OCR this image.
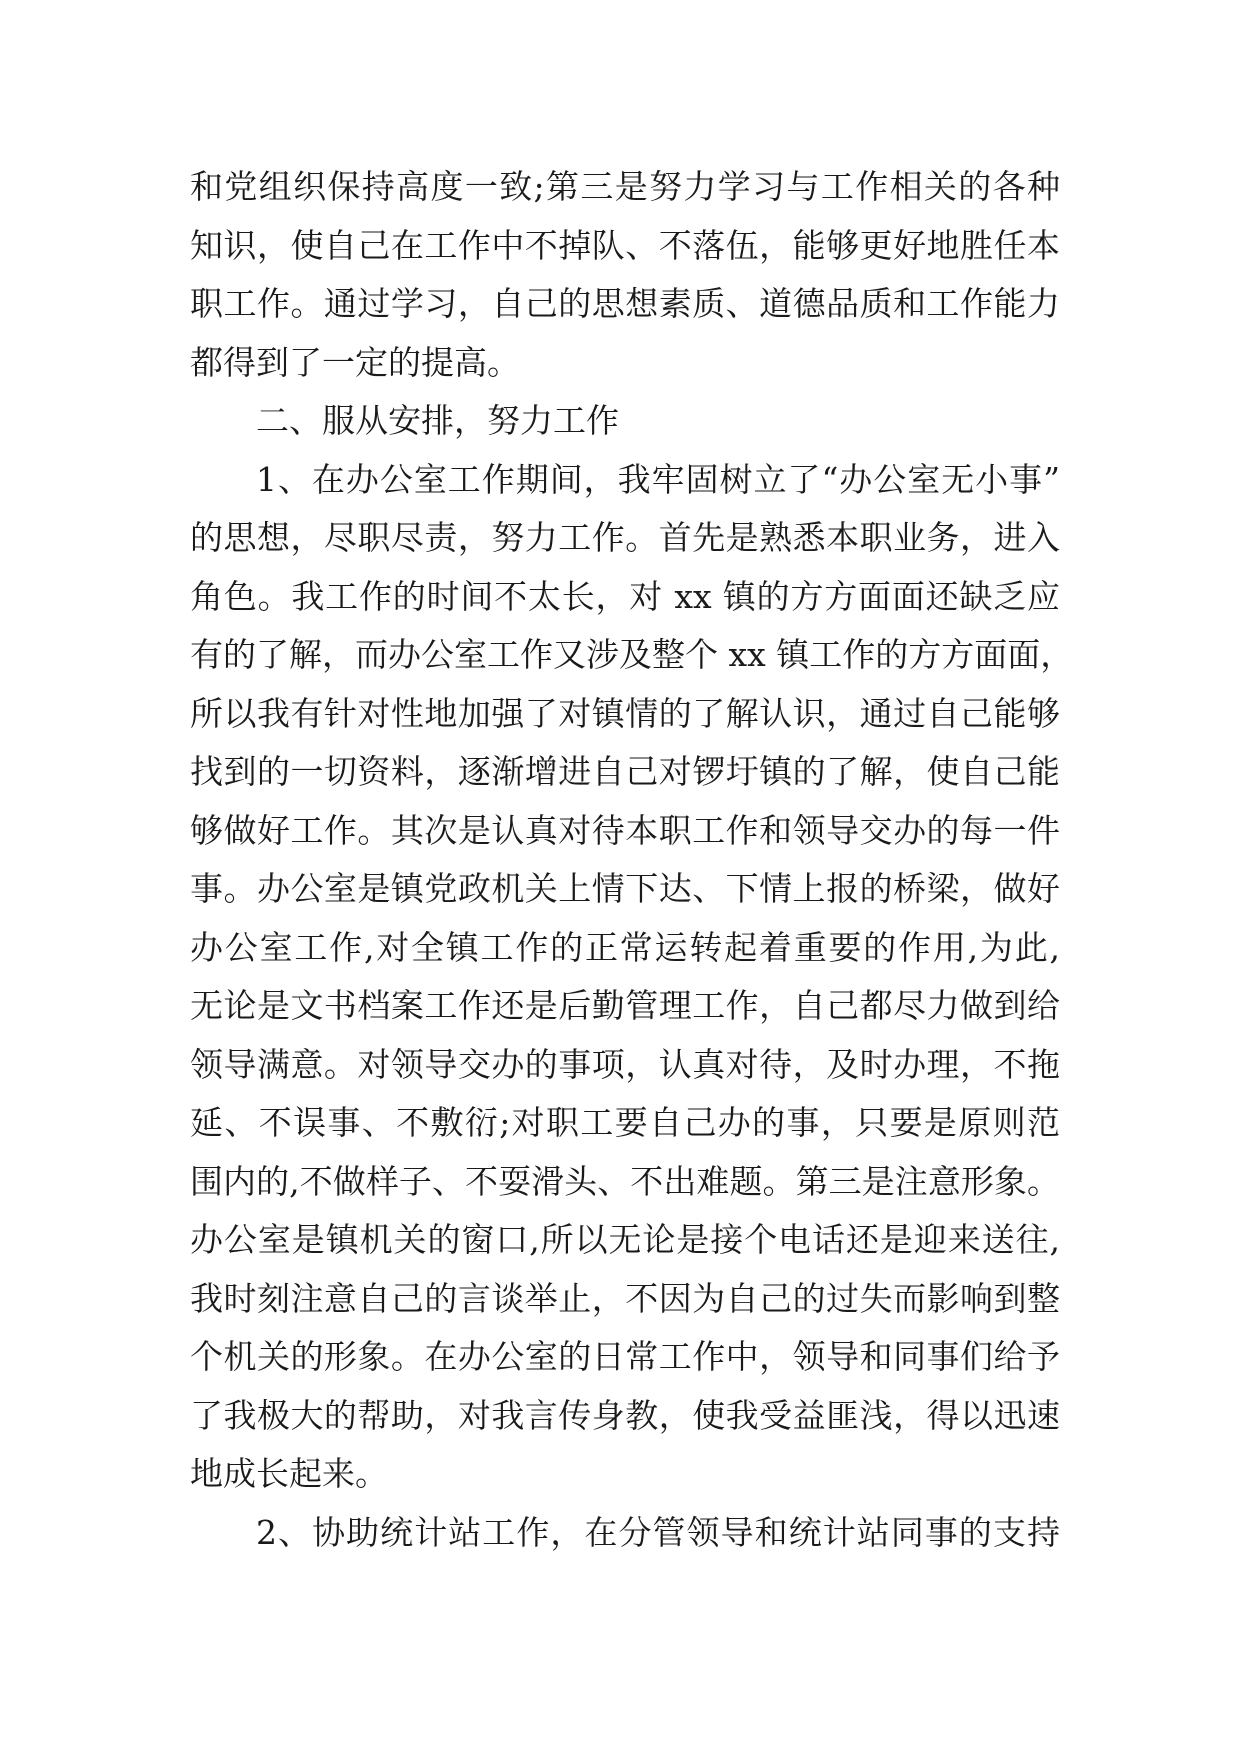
和党组织保持高度一致;第三是努力学习与工作相关的各种
知识，使自己在工作中不掉队、不落伍，能够更好地胜任本
职工作。通过学习，自己的思想素质、道德品质和工作能力
都得到了一定的提高。
二、服从安排，努力工作
1、在办公室工作期间，我牢固树立了“办公室无小事”
的思想，尽职尽责，努力工作。首先是熟悉本职业务，进入
角色。我工作的时间不太长，对 xx 镇的方方面面还缺乏应
有的了解，而办公室工作又涉及整个 xx 镇工作的方方面面，
所以我有针对性地加强了对镇情的了解认识，通过自己能够
找到的一切资料，逐渐增进自己对锣圩镇的了解，使自己能
够做好工作。其次是认真对待本职工作和领导交办的每一件
事。办公室是镇党政机关上情下达、下情上报的桥梁，做好
办公室工作,对全镇工作的正常运转起着重要的作用,为此,
无论是文书档案工作还是后勤管理工作，自己都尽力做到给
领导满意。对领导交办的事项，认真对待，及时办理，不拖
延、不误事、不敷衍;对职工要自己办的事，只要是原则范
围内的,不做样子、不耍滑头、不出难题。第三是注意形象。
办公室是镇机关的窗口,所以无论是接个电话还是迎来送往,
我时刻注意自己的言谈举止，不因为自己的过失而影响到整
个机关的形象。在办公室的日常工作中，领导和同事们给予
了我极大的帮助，对我言传身教，使我受益匪浅，得以迅速
地成长起来。
2、协助统计站工作，在分管领导和统计站同事的支持
